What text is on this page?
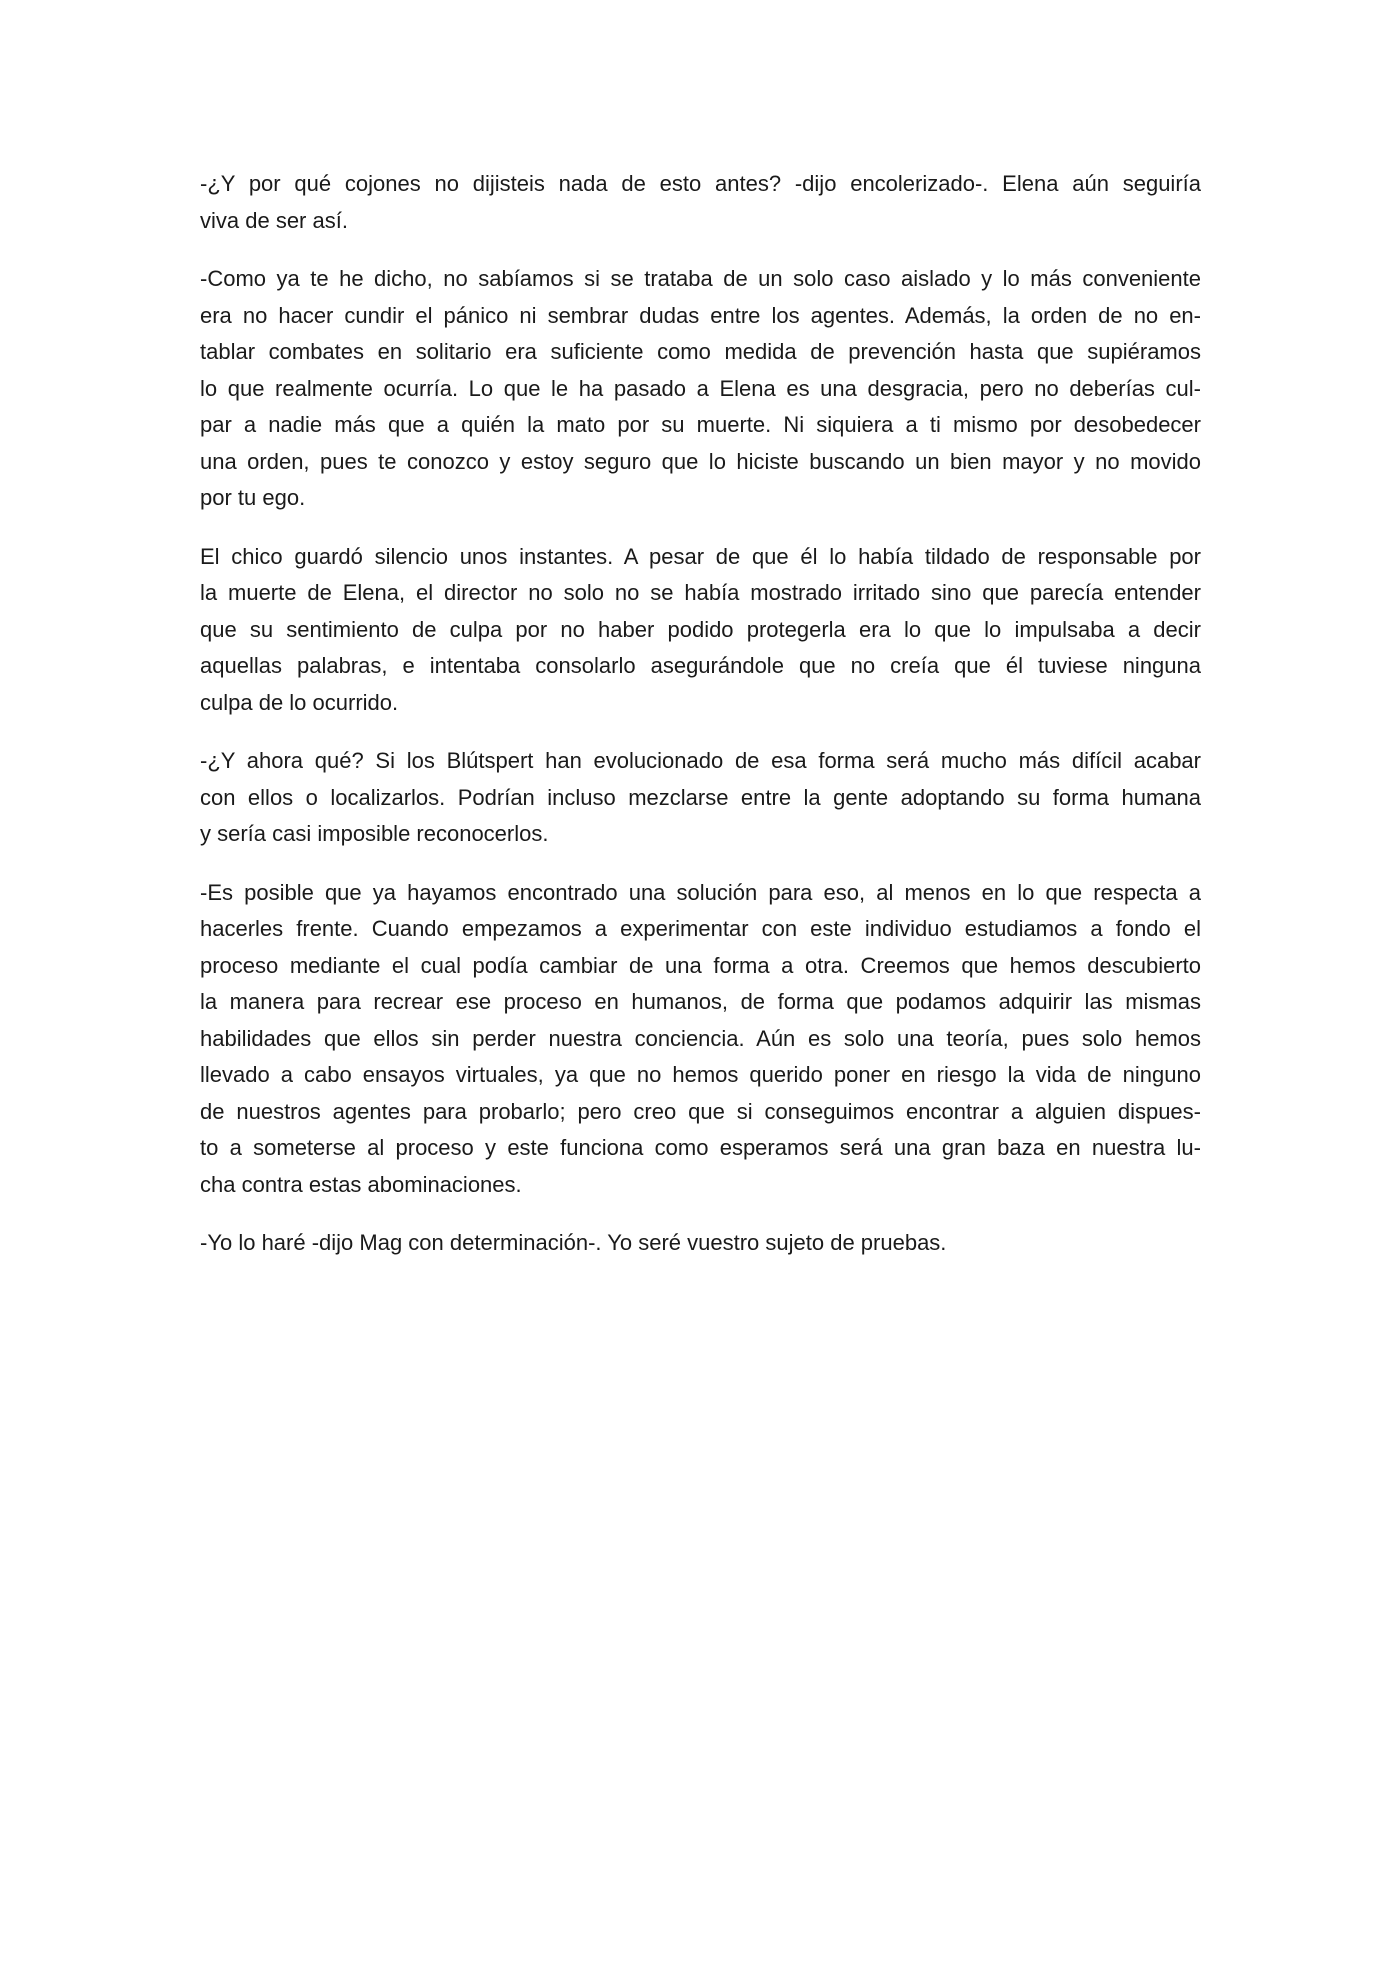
-¿Y por qué cojones no dijisteis nada de esto antes? -dijo encolerizado-. Elena aún seguiría
viva de ser así.

-Como ya te he dicho, no sabíamos si se trataba de un solo caso aislado y lo más conveniente
era no hacer cundir el pánico ni sembrar dudas entre los agentes. Además, la orden de no en-
tablar combates en solitario era suficiente como medida de prevención hasta que supiéramos
lo que realmente ocurría. Lo que le ha pasado a Elena es una desgracia, pero no deberías cul-
par a nadie más que a quién la mato por su muerte. Ni siquiera a ti mismo por desobedecer
una orden, pues te conozco y estoy seguro que lo hiciste buscando un bien mayor y no movido
por tu ego.

El chico guardó silencio unos instantes. A pesar de que él lo había tildado de responsable por
la muerte de Elena, el director no solo no se había mostrado irritado sino que parecía entender
que su sentimiento de culpa por no haber podido protegerla era lo que lo impulsaba a decir
aquellas palabras, e intentaba consolarlo asegurándole que no creía que él tuviese ninguna
culpa de lo ocurrido.

-¿Y ahora qué? Si los Blútspert han evolucionado de esa forma será mucho más difícil acabar
con ellos o localizarlos. Podrían incluso mezclarse entre la gente adoptando su forma humana
y sería casi imposible reconocerlos.

-Es posible que ya hayamos encontrado una solución para eso, al menos en lo que respecta a
hacerles frente. Cuando empezamos a experimentar con este individuo estudiamos a fondo el
proceso mediante el cual podía cambiar de una forma a otra. Creemos que hemos descubierto
la manera para recrear ese proceso en humanos, de forma que podamos adquirir las mismas
habilidades que ellos sin perder nuestra conciencia. Aún es solo una teoría, pues solo hemos
llevado a cabo ensayos virtuales, ya que no hemos querido poner en riesgo la vida de ninguno
de nuestros agentes para probarlo; pero creo que si conseguimos encontrar a alguien dispues-
to a someterse al proceso y este funciona como esperamos será una gran baza en nuestra lu-
cha contra estas abominaciones.

-Yo lo haré -dijo Mag con determinación-. Yo seré vuestro sujeto de pruebas.
